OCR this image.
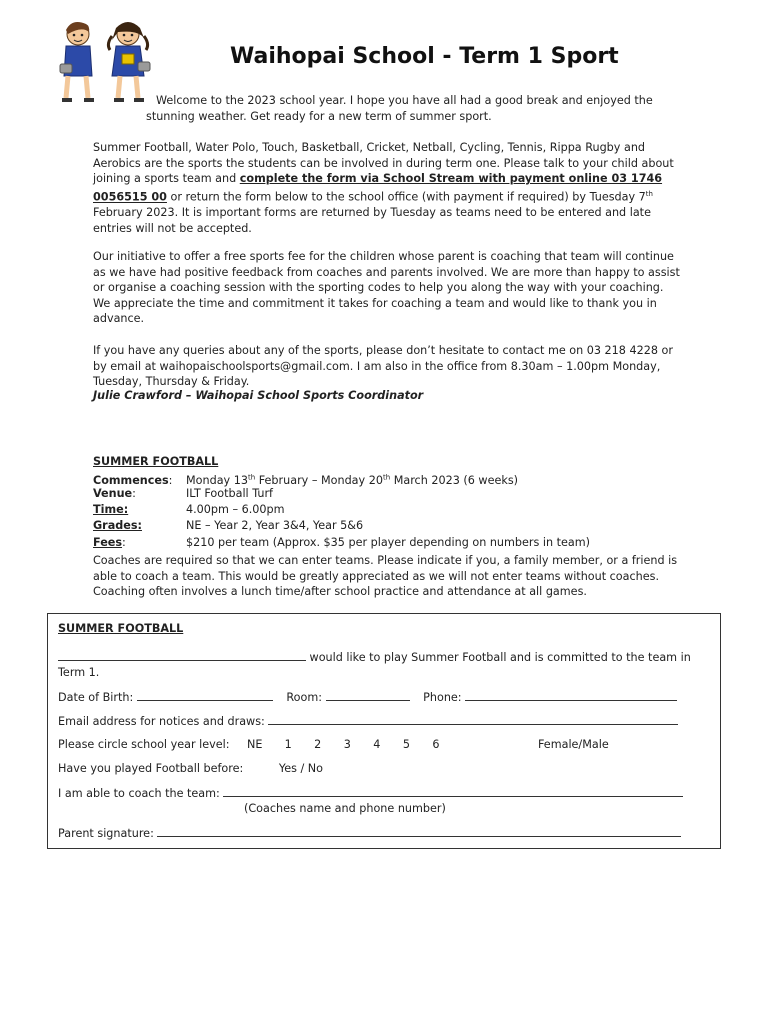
Waihopai School - Term 1 Sport
Welcome to the 2023 school year. I hope you have all had a good break and enjoyed the
stunning weather. Get ready for a new term of summer sport.
Summer Football, Water Polo, Touch, Basketball, Cricket, Netball, Cycling, Tennis, Rippa Rugby and Aerobics are the sports the students can be involved in during term one. Please talk to your child about joining a sports team and complete the form via School Stream with payment online 03 1746 0056515 00 or return the form below to the school office (with payment if required) by Tuesday 7th February 2023. It is important forms are returned by Tuesday as teams need to be entered and late entries will not be accepted.
Our initiative to offer a free sports fee for the children whose parent is coaching that team will continue as we have had positive feedback from coaches and parents involved. We are more than happy to assist or organise a coaching session with the sporting codes to help you along the way with your coaching. We appreciate the time and commitment it takes for coaching a team and would like to thank you in advance.
If you have any queries about any of the sports, please don’t hesitate to contact me on 03 218 4228 or by email at waihopaischoolsports@gmail.com. I am also in the office from 8.30am – 1.00pm Monday, Tuesday, Thursday & Friday.
Julie Crawford – Waihopai School Sports Coordinator
SUMMER FOOTBALL
Commences: Monday 13th February – Monday 20th March 2023 (6 weeks)
Venue:	ILT Football Turf
Time:	4.00pm – 6.00pm
Grades:	NE – Year 2, Year 3&4, Year 5&6
Fees:	$210 per team (Approx. $35 per player depending on numbers in team)
Coaches are required so that we can enter teams. Please indicate if you, a family member, or a friend is able to coach a team. This would be greatly appreciated as we will not enter teams without coaches. Coaching often involves a lunch time/after school practice and attendance at all games.
SUMMER FOOTBALL
would like to play Summer Football and is committed to the team in
Term 1.
Date of Birth:	Room:	Phone:
Email address for notices and draws:
Please circle school year level: NE 1 2 3 4 5 6	Female/Male
Have you played Football before:	Yes / No
I am able to coach the team:
(Coaches name and phone number)
Parent signature:
